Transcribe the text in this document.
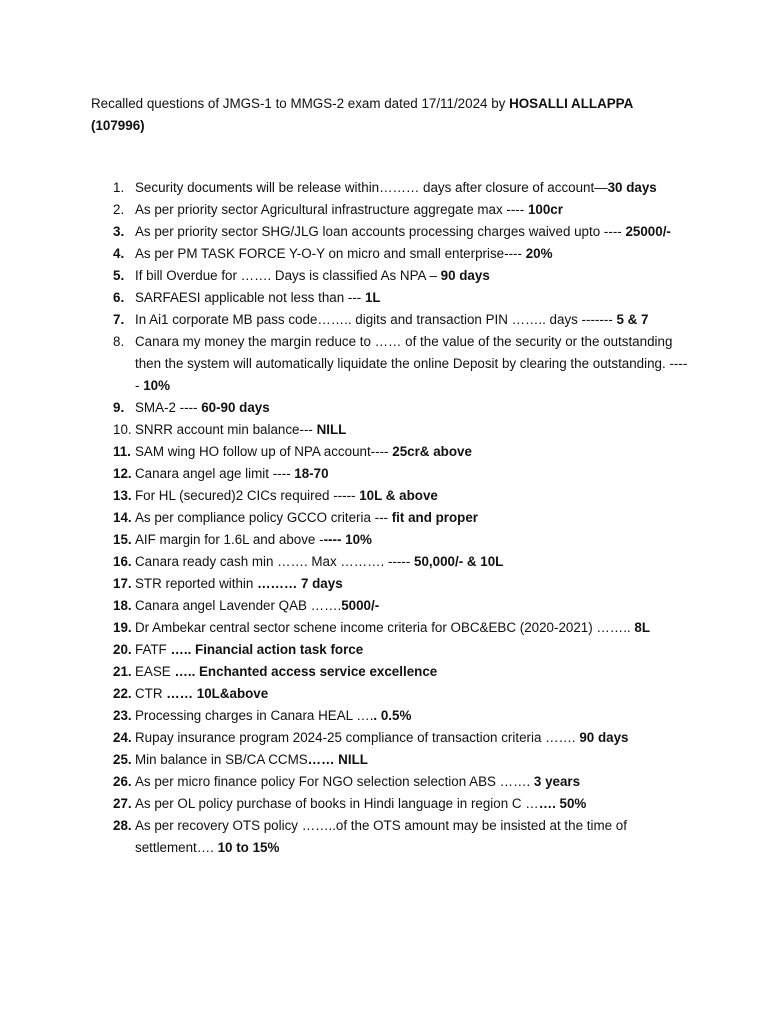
Recalled questions of JMGS-1 to MMGS-2 exam dated 17/11/2024 by HOSALLI ALLAPPA (107996)

1. Security documents will be release within……… days after closure of account—30 days
2. As per priority sector Agricultural infrastructure aggregate max ---- 100cr
3. As per priority sector SHG/JLG loan accounts processing charges waived upto ---- 25000/-
4. As per PM TASK FORCE Y-O-Y on micro and small enterprise---- 20%
5. If bill Overdue for ……. Days is classified As NPA – 90 days
6. SARFAESI applicable not less than --- 1L
7. In Ai1 corporate MB pass code…….. digits and transaction PIN …….. days ------- 5 & 7
8. Canara my money the margin reduce to …… of the value of the security or the outstanding then the system will automatically liquidate the online Deposit by clearing the outstanding. ----- 10%
9. SMA-2 ---- 60-90 days
10. SNRR account min balance--- NILL
11. SAM wing HO follow up of NPA account---- 25cr& above
12. Canara angel age limit ---- 18-70
13. For HL (secured)2 CICs required ----- 10L & above
14. As per compliance policy GCCO criteria --- fit and proper
15. AIF margin for 1.6L and above ----- 10%
16. Canara ready cash min ……. Max ………. ----- 50,000/- & 10L
17. STR reported within ……… 7 days
18. Canara angel Lavender QAB …….5000/-
19. Dr Ambekar central sector schene income criteria for OBC&EBC (2020-2021) …….. 8L
20. FATF ….. Financial action task force
21. EASE ….. Enchanted access service excellence
22. CTR …… 10L&above
23. Processing charges in Canara HEAL ….. 0.5%
24. Rupay insurance program 2024-25 compliance of transaction criteria ……. 90 days
25. Min balance in SB/CA CCMS…… NILL
26. As per micro finance policy For NGO selection selection ABS ……. 3 years
27. As per OL policy purchase of books in Hindi language in region C ……. 50%
28. As per recovery OTS policy ……..of the OTS amount may be insisted at the time of settlement…. 10 to 15%
